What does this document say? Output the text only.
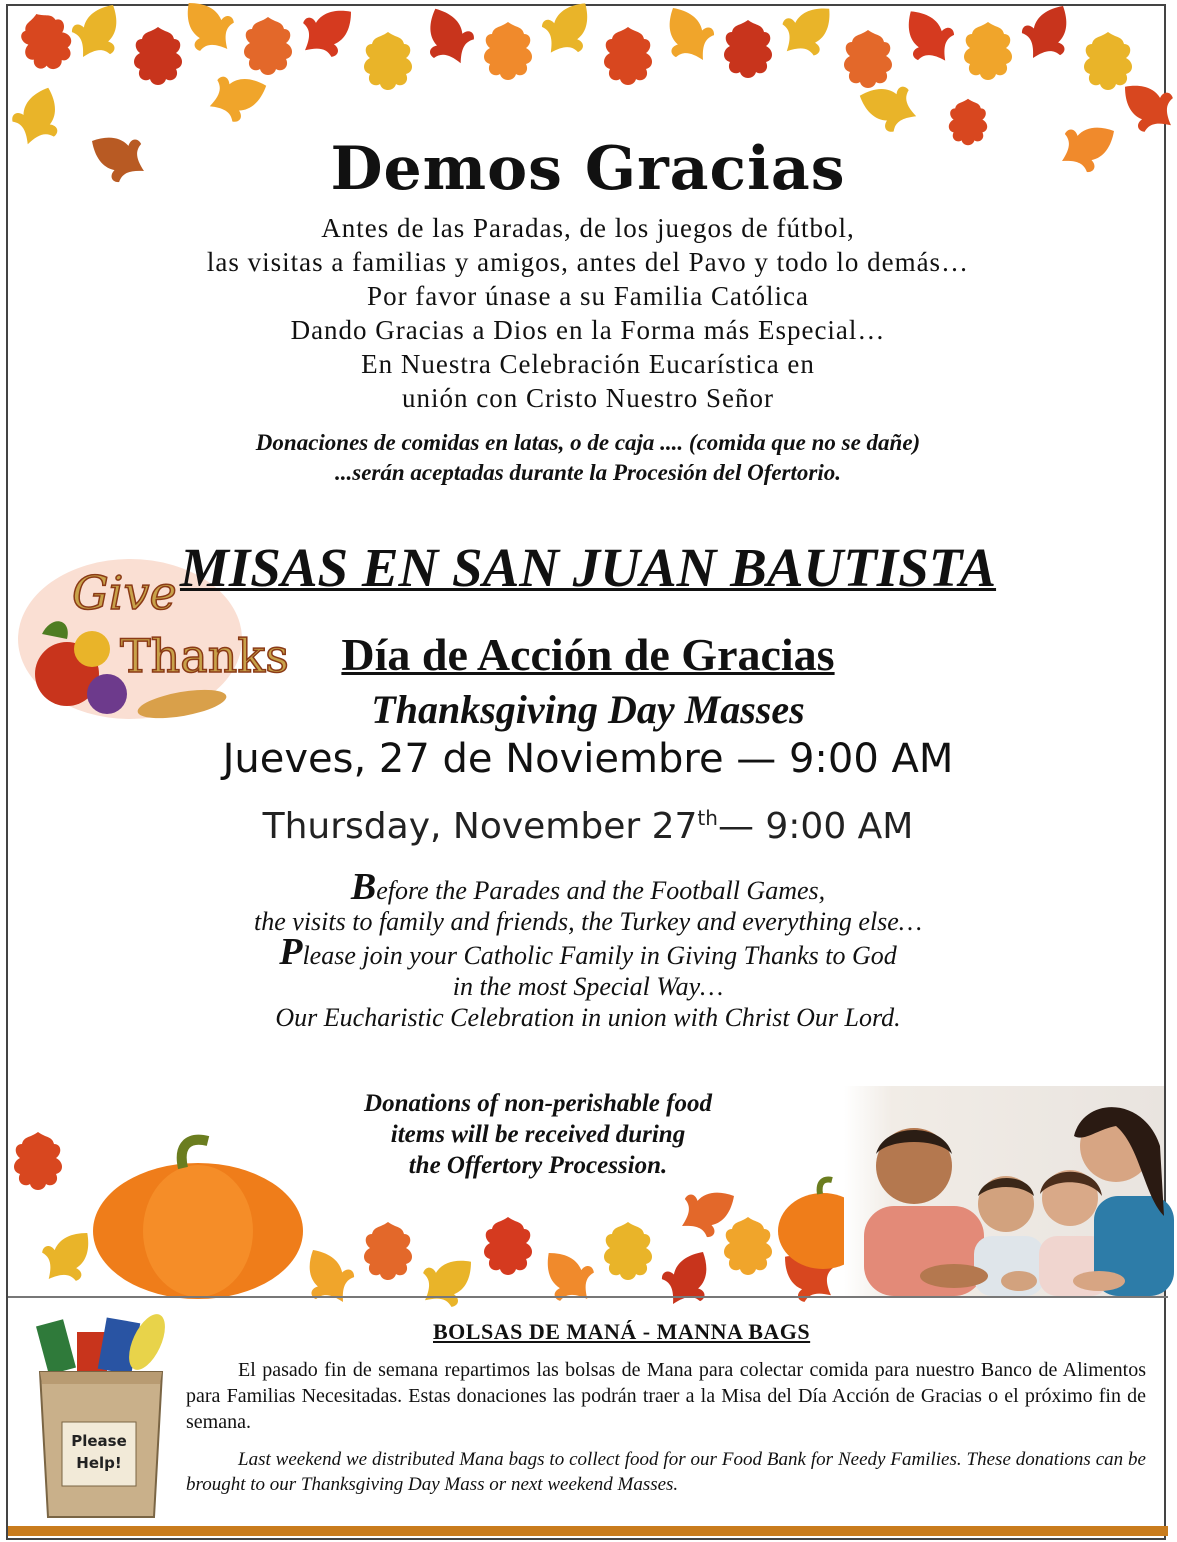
Demos Gracias
Antes de las Paradas, de los juegos de fútbol,
las visitas a familias y amigos, antes del Pavo y todo lo demás…
Por favor únase a su Familia Católica
Dando Gracias a Dios en la Forma más Especial…
En Nuestra Celebración Eucarística en
unión con Cristo Nuestro Señor
Donaciones de comidas en latas, o de caja .... (comida que no se dañe)
...serán aceptadas durante la Procesión del Ofertorio.
Give
Thanks
MISAS EN SAN JUAN BAUTISTA
Día de Acción de Gracias
Thanksgiving Day Masses
Jueves, 27 de Noviembre — 9:00 AM
Thursday, November 27th— 9:00 AM
Before the Parades and the Football Games,
the visits to family and friends, the Turkey and everything else…
Please join your Catholic Family in Giving Thanks to God
in the most Special Way…
Our Eucharistic Celebration in union with Christ Our Lord.
Donations of non-perishable food
items will be received during
the Offertory Procession.
Please
Help!
BOLSAS DE MANÁ - MANNA BAGS
El pasado fin de semana repartimos las bolsas de Mana para colectar comida para nuestro Banco de Alimentos para Familias Necesitadas. Estas donaciones las podrán traer a la Misa del Día Acción de Gracias o el próximo fin de semana.
Last weekend we distributed Mana bags to collect food for our Food Bank for Needy Families. These donations can be brought to our Thanksgiving Day Mass or next weekend Masses.
